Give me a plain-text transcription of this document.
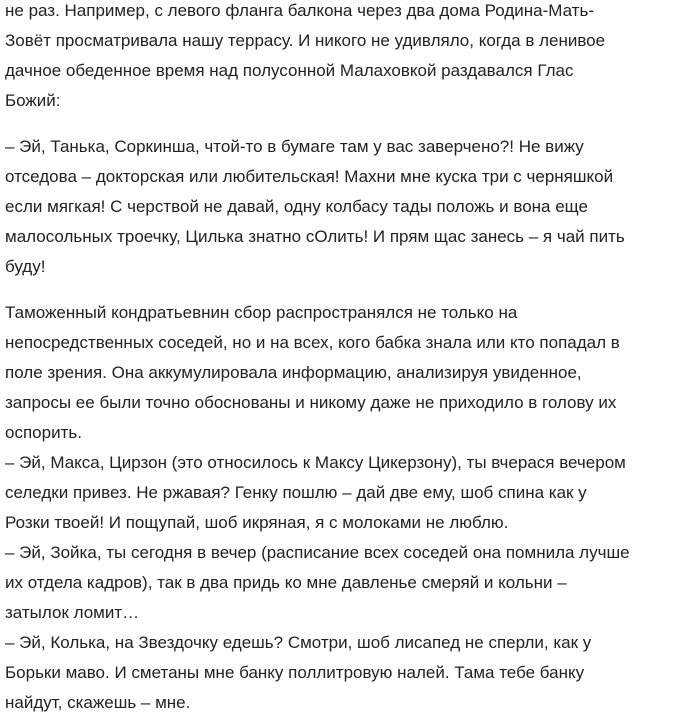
не раз. Например, с левого фланга балкона через два дома Родина-Мать-
Зовёт просматривала нашу террасу. И никого не удивляло, когда в ленивое
дачное обеденное время над полусонной Малаховкой раздавался Глас
Божий:
– Эй, Танька, Соркинша, чтой-то в бумаге там у вас заверчено?! Не вижу
отседова – докторская или любительская! Махни мне куска три с черняшкой
если мягкая! С черствой не давай, одну колбасу тады положь и вона еще
малосольных троечку, Цилька знатно сОлить! И прям щас занесь – я чай пить
буду!
Таможенный кондратьевнин сбор распространялся не только на
непосредственных соседей, но и на всех, кого бабка знала или кто попадал в
поле зрения. Она аккумулировала информацию, анализируя увиденное,
запросы ее были точно обоснованы и никому даже не приходило в голову их
оспорить.
– Эй, Макса, Цирзон (это относилось к Максу Цикерзону), ты вчерася вечером
селедки привез. Не ржавая? Генку пошлю – дай две ему, шоб спина как у
Розки твоей! И пощупай, шоб икряная, я с молоками не люблю.
– Эй, Зойка, ты сегодня в вечер (расписание всех соседей она помнила лучше
их отдела кадров), так в два придь ко мне давленье смеряй и кольни –
затылок ломит…
– Эй, Колька, на Звездочку едешь? Смотри, шоб лисапед не сперли, как у
Борьки маво. И сметаны мне банку поллитровую налей. Тама тебе банку
найдут, скажешь – мне.
